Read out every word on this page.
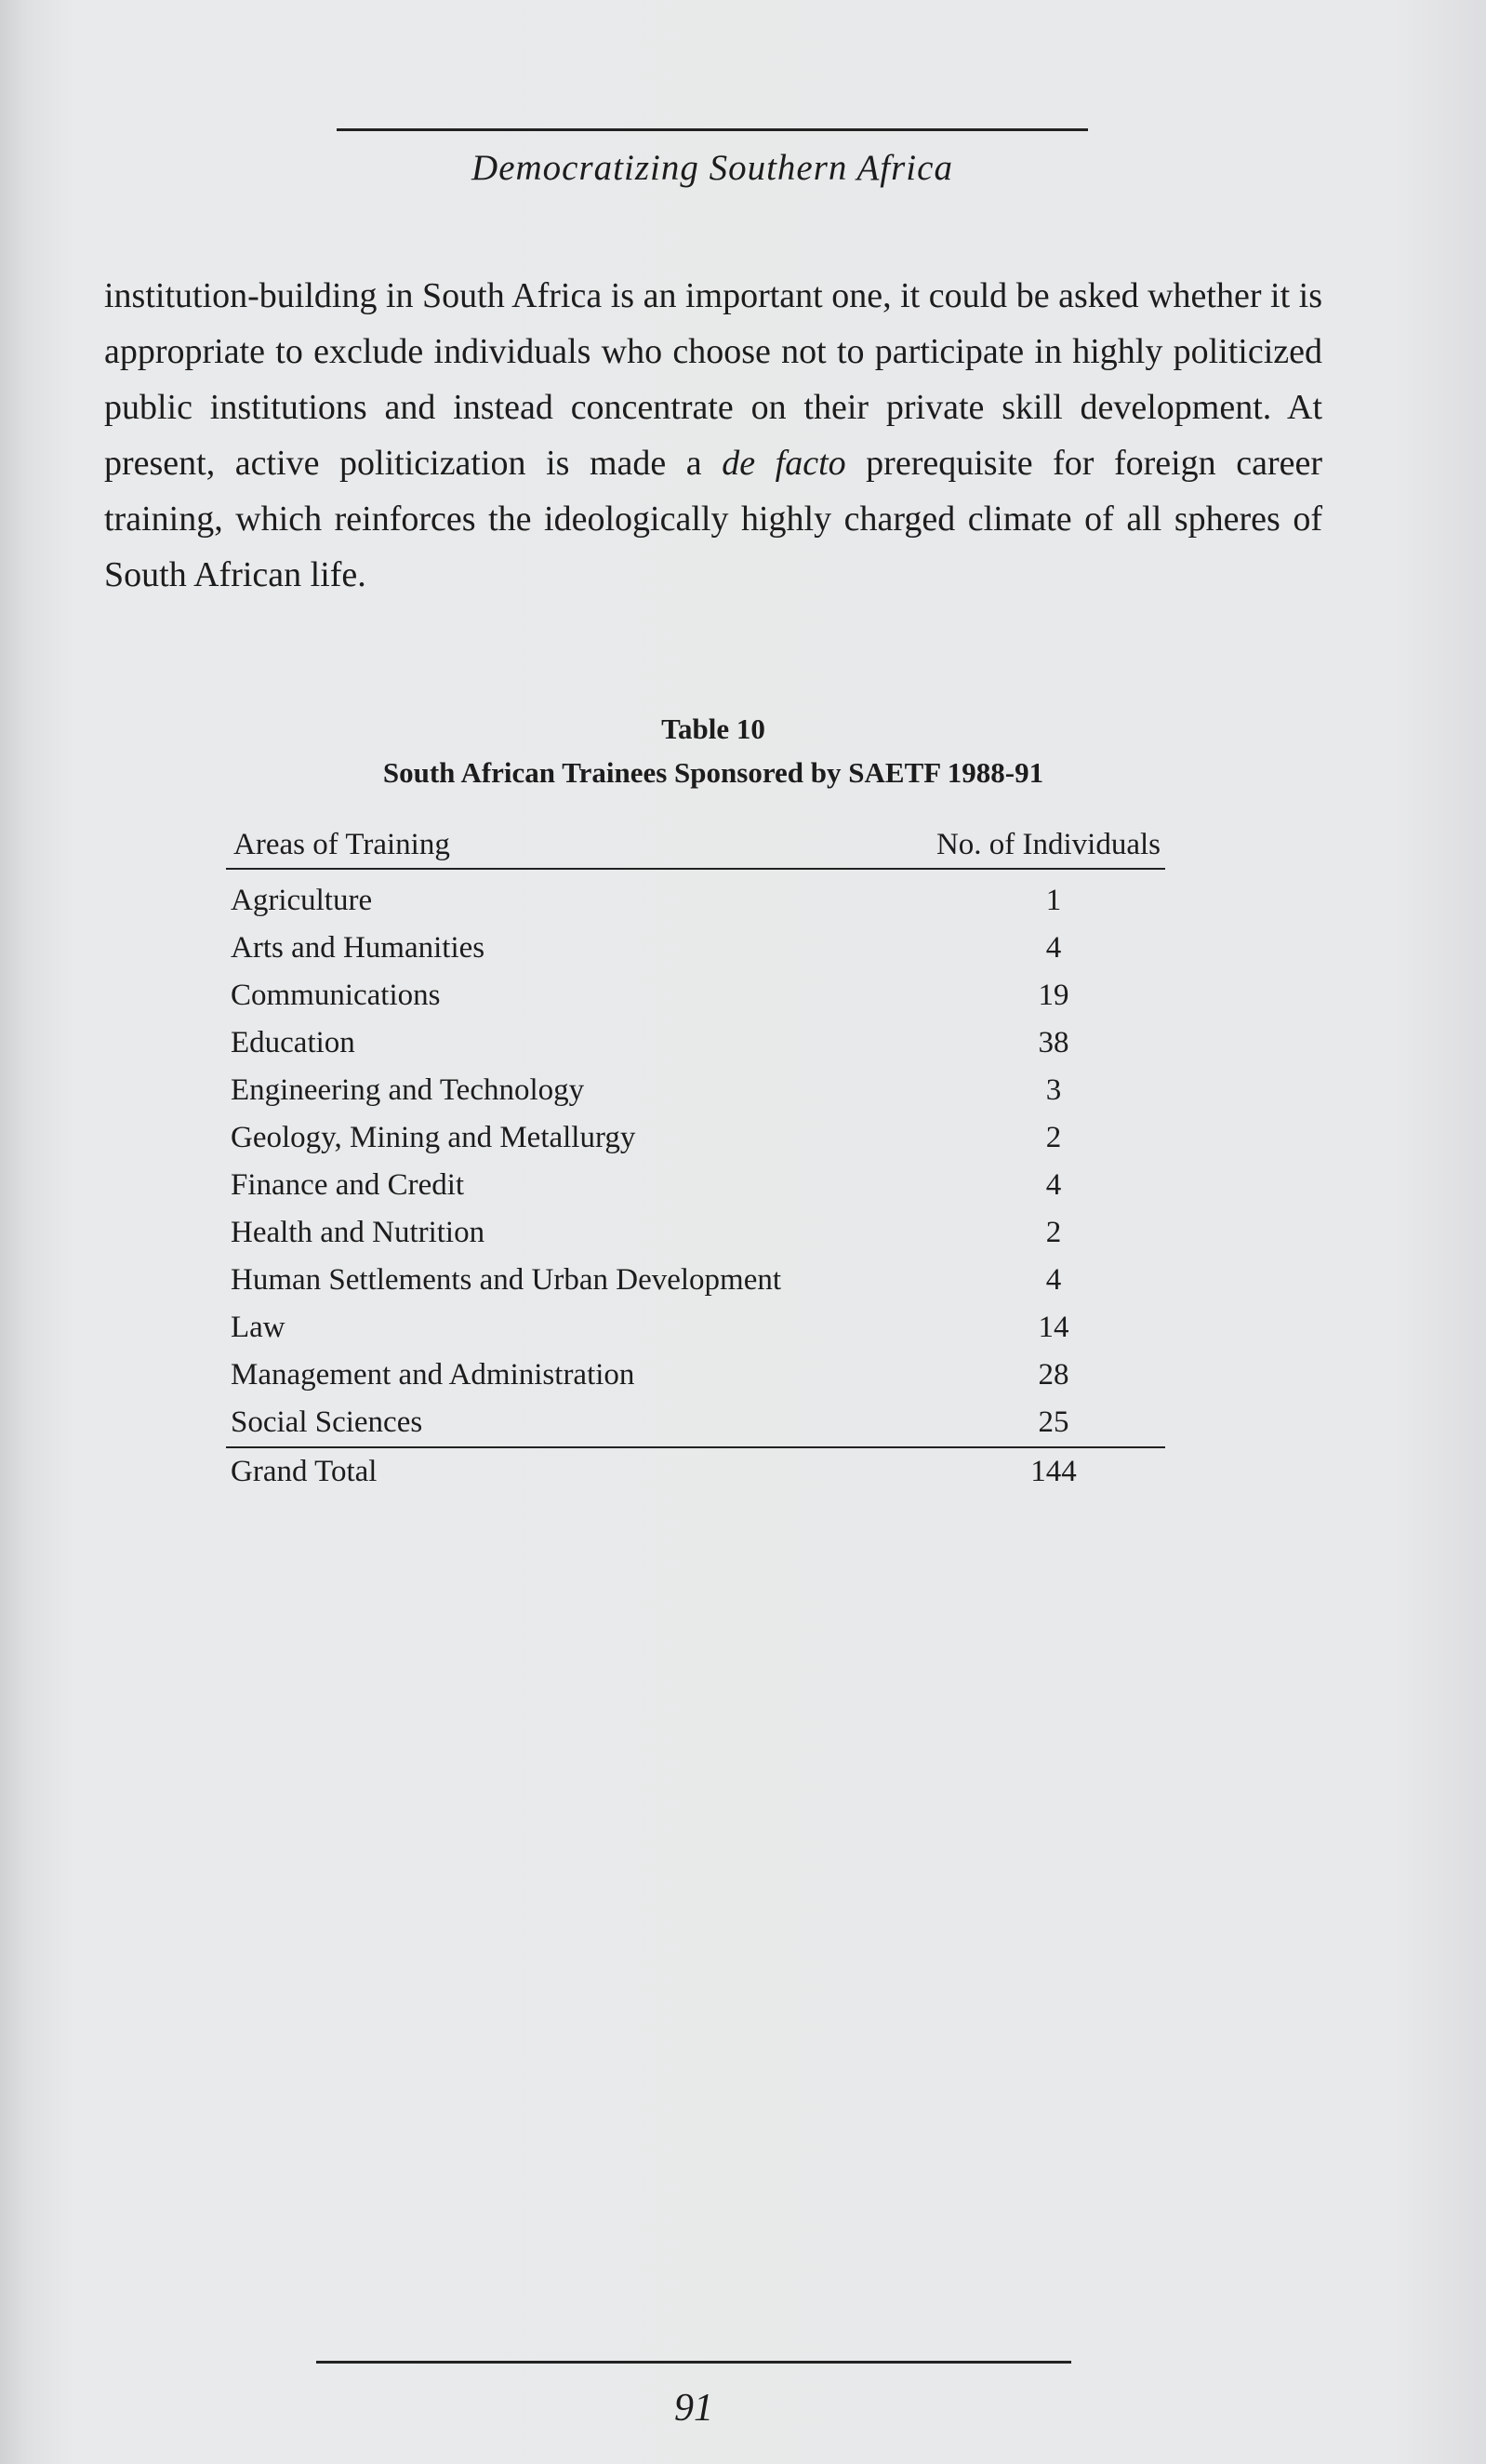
Democratizing Southern Africa

institution-building in South Africa is an important one, it could be asked whether it is appropriate to exclude individuals who choose not to participate in highly politicized public institutions and instead concentrate on their private skill development. At present, active politicization is made a de facto prerequisite for foreign career training, which reinforces the ideologically highly charged climate of all spheres of South African life.

Table 10
South African Trainees Sponsored by SAETF 1988-91
Areas of Training	No. of Individuals
Agriculture	1
Arts and Humanities	4
Communications	19
Education	38
Engineering and Technology	3
Geology, Mining and Metallurgy	2
Finance and Credit	4
Health and Nutrition	2
Human Settlements and Urban Development	4
Law	14
Management and Administration	28
Social Sciences	25
Grand Total	144
91
